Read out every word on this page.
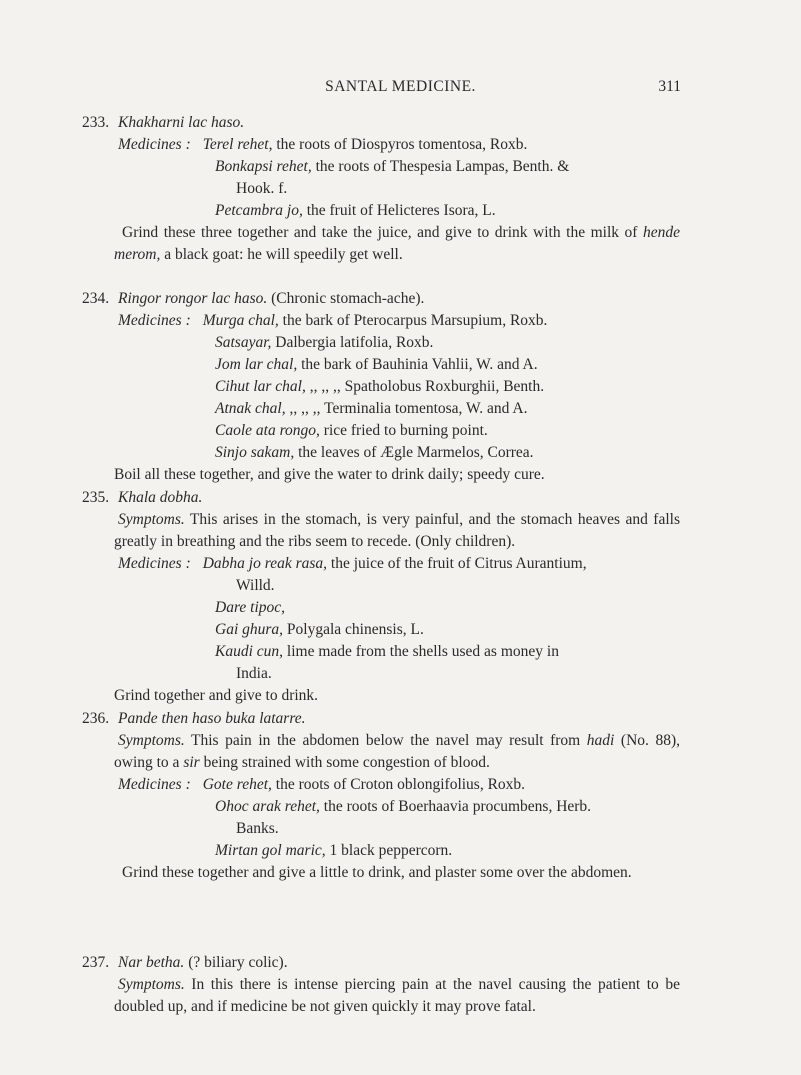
SANTAL MEDICINE.	311
233. Khakharni lac haso.
Medicines : Terel rehet, the roots of Diospyros tomentosa, Roxb.
Bonkapsi rehet, the roots of Thespesia Lampas, Benth. &
Hook. f.
Petcambra jo, the fruit of Helicteres Isora, L.
Grind these three together and take the juice, and give to drink with the milk of hende merom, a black goat: he will speedily get well.
234. Ringor rongor lac haso. (Chronic stomach-ache).
Medicines : Murga chal, the bark of Pterocarpus Marsupium, Roxb.
Satsayar, Dalbergia latifolia, Roxb.
Jom lar chal, the bark of Bauhinia Vahlii, W. and A.
Cihut lar chal, ,, ,, ,, Spatholobus Roxburghii, Benth.
Atnak chal, ,, ,, ,, Terminalia tomentosa, W. and A.
Caole ata rongo, rice fried to burning point.
Sinjo sakam, the leaves of Ægle Marmelos, Correa.
Boil all these together, and give the water to drink daily; speedy cure.
235. Khala dobha.
Symptoms. This arises in the stomach, is very painful, and the stomach heaves and falls greatly in breathing and the ribs seem to recede. (Only children).
Medicines : Dabha jo reak rasa, the juice of the fruit of Citrus Aurantium,
Willd.
Dare tipoc,
Gai ghura, Polygala chinensis, L.
Kaudi cun, lime made from the shells used as money in
India.
Grind together and give to drink.
236. Pande then haso buka latarre.
Symptoms. This pain in the abdomen below the navel may result from hadi (No. 88), owing to a sir being strained with some congestion of blood.
Medicines : Gote rehet, the roots of Croton oblongifolius, Roxb.
Ohoc arak rehet, the roots of Boerhaavia procumbens, Herb.
Banks.
Mirtan gol maric, 1 black peppercorn.
Grind these together and give a little to drink, and plaster some over the abdomen.
237. Nar betha. (? biliary colic).
Symptoms. In this there is intense piercing pain at the navel causing the patient to be doubled up, and if medicine be not given quickly it may prove fatal.
